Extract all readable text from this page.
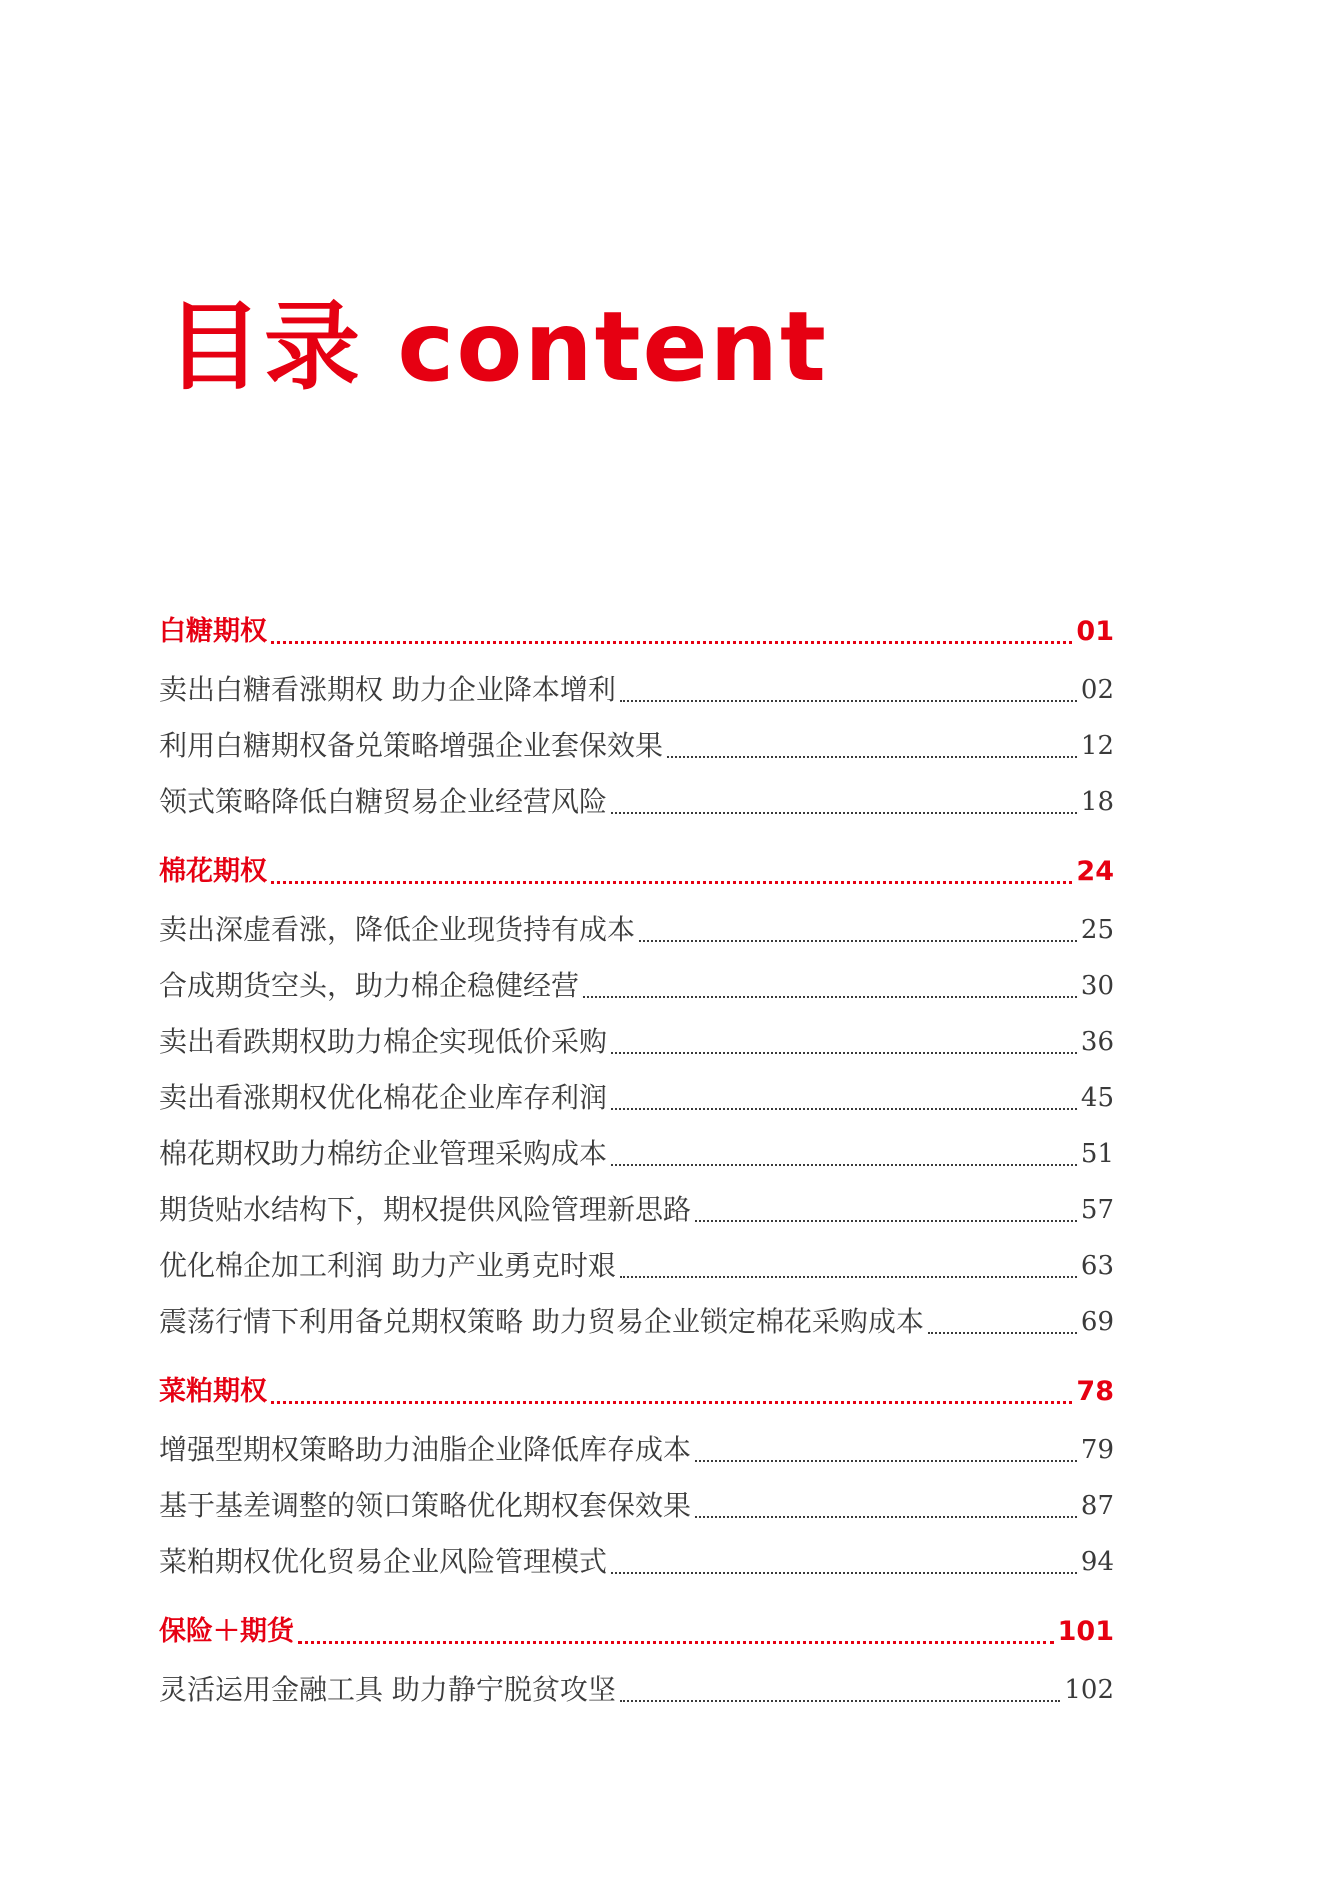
目录 content
白糖期权	01
卖出白糖看涨期权 助力企业降本增利	02
利用白糖期权备兑策略增强企业套保效果	12
领式策略降低白糖贸易企业经营风险	18
棉花期权	24
卖出深虚看涨，降低企业现货持有成本	25
合成期货空头，助力棉企稳健经营	30
卖出看跌期权助力棉企实现低价采购	36
卖出看涨期权优化棉花企业库存利润	45
棉花期权助力棉纺企业管理采购成本	51
期货贴水结构下，期权提供风险管理新思路	57
优化棉企加工利润 助力产业勇克时艰	63
震荡行情下利用备兑期权策略 助力贸易企业锁定棉花采购成本	69
菜粕期权	78
增强型期权策略助力油脂企业降低库存成本	79
基于基差调整的领口策略优化期权套保效果	87
菜粕期权优化贸易企业风险管理模式	94
保险＋期货	101
灵活运用金融工具 助力静宁脱贫攻坚	102
